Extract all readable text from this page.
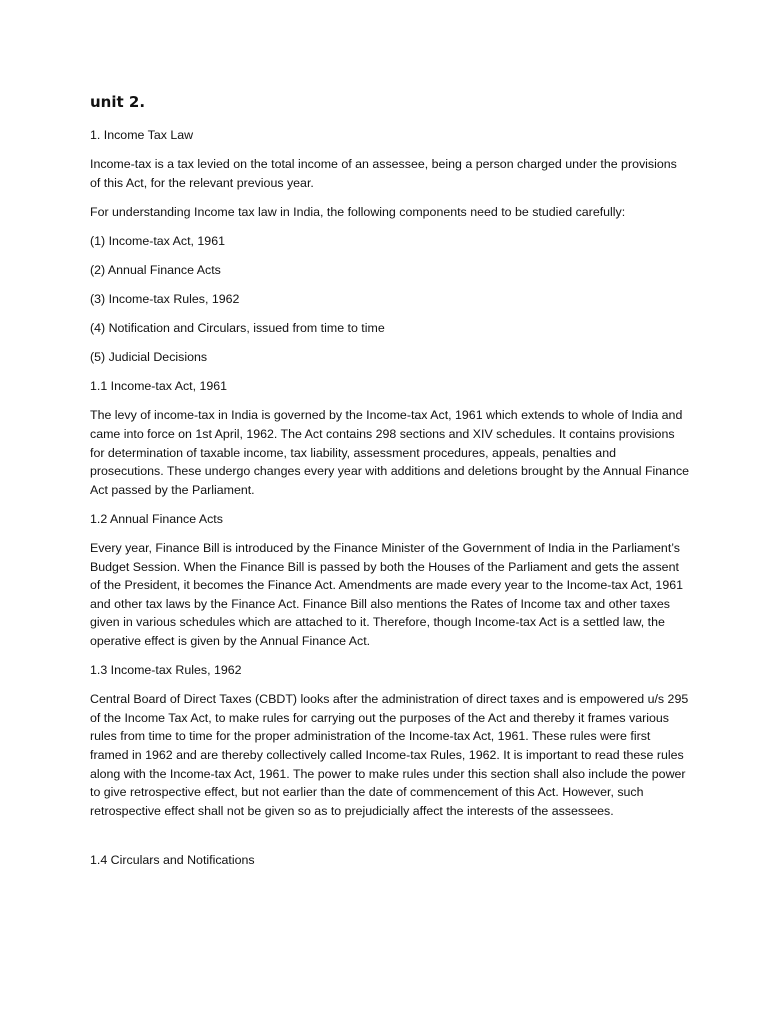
unit 2.

1. Income Tax Law

Income-tax is a tax levied on the total income of an assessee, being a person charged under the provisions of this Act, for the relevant previous year.

For understanding Income tax law in India, the following components need to be studied carefully:

(1) Income-tax Act, 1961

(2) Annual Finance Acts

(3) Income-tax Rules, 1962

(4) Notification and Circulars, issued from time to time

(5) Judicial Decisions

1.1 Income-tax Act, 1961

The levy of income-tax in India is governed by the Income-tax Act, 1961 which extends to whole of India and came into force on 1st April, 1962. The Act contains 298 sections and XIV schedules. It contains provisions for determination of taxable income, tax liability, assessment procedures, appeals, penalties and prosecutions. These undergo changes every year with additions and deletions brought by the Annual Finance Act passed by the Parliament.

1.2 Annual Finance Acts

Every year, Finance Bill is introduced by the Finance Minister of the Government of India in the Parliament’s Budget Session. When the Finance Bill is passed by both the Houses of the Parliament and gets the assent of the President, it becomes the Finance Act. Amendments are made every year to the Income-tax Act, 1961 and other tax laws by the Finance Act. Finance Bill also mentions the Rates of Income tax and other taxes given in various schedules which are attached to it. Therefore, though Income-tax Act is a settled law, the operative effect is given by the Annual Finance Act.

1.3 Income-tax Rules, 1962

Central Board of Direct Taxes (CBDT) looks after the administration of direct taxes and is empowered u/s 295 of the Income Tax Act, to make rules for carrying out the purposes of the Act and thereby it frames various rules from time to time for the proper administration of the Income-tax Act, 1961. These rules were first framed in 1962 and are thereby collectively called Income-tax Rules, 1962. It is important to read these rules along with the Income-tax Act, 1961. The power to make rules under this section shall also include the power to give retrospective effect, but not earlier than the date of commencement of this Act. However, such retrospective effect shall not be given so as to prejudicially affect the interests of the assessees.

1.4 Circulars and Notifications
